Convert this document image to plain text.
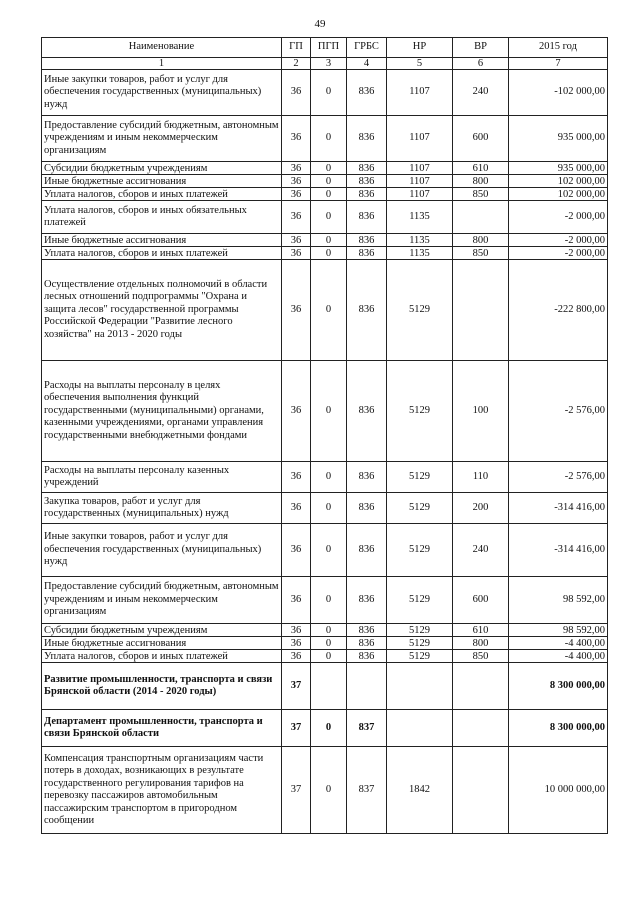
49
Наименование	ГП	ПГП	ГРБС	НР	ВР	2015 год
1	2	3	4	5	6	7
Иные закупки товаров, работ и услуг для обеспечения государственных (муниципальных) нужд	36	0	836	1107	240	-102 000,00
Предоставление субсидий бюджетным, автономным учреждениям и иным некоммерческим организациям	36	0	836	1107	600	935 000,00
Субсидии бюджетным учреждениям	36	0	836	1107	610	935 000,00
Иные бюджетные ассигнования	36	0	836	1107	800	102 000,00
Уплата налогов, сборов и иных платежей	36	0	836	1107	850	102 000,00
Уплата налогов, сборов и иных обязательных платежей	36	0	836	1135		-2 000,00
Иные бюджетные ассигнования	36	0	836	1135	800	-2 000,00
Уплата налогов, сборов и иных платежей	36	0	836	1135	850	-2 000,00
Осуществление отдельных полномочий в области лесных отношений подпрограммы "Охрана и защита лесов" государственной программы Российской Федерации "Развитие лесного хозяйства" на 2013 - 2020 годы	36	0	836	5129		-222 800,00
Расходы на выплаты персоналу в целях обеспечения выполнения функций государственными (муниципальными) органами, казенными учреждениями, органами управления государственными внебюджетными фондами	36	0	836	5129	100	-2 576,00
Расходы на выплаты персоналу казенных учреждений	36	0	836	5129	110	-2 576,00
Закупка товаров, работ и услуг для государственных (муниципальных) нужд	36	0	836	5129	200	-314 416,00
Иные закупки товаров, работ и услуг для обеспечения государственных (муниципальных) нужд	36	0	836	5129	240	-314 416,00
Предоставление субсидий бюджетным, автономным учреждениям и иным некоммерческим организациям	36	0	836	5129	600	98 592,00
Субсидии бюджетным учреждениям	36	0	836	5129	610	98 592,00
Иные бюджетные ассигнования	36	0	836	5129	800	-4 400,00
Уплата налогов, сборов и иных платежей	36	0	836	5129	850	-4 400,00
Развитие промышленности, транспорта и связи Брянской области (2014 - 2020 годы)	37					8 300 000,00
Департамент промышленности, транспорта и связи Брянской области	37	0	837			8 300 000,00
Компенсация транспортным организациям части потерь в доходах, возникающих в результате государственного регулирования тарифов на перевозку пассажиров автомобильным пассажирским транспортом в пригородном сообщении	37	0	837	1842		10 000 000,00
